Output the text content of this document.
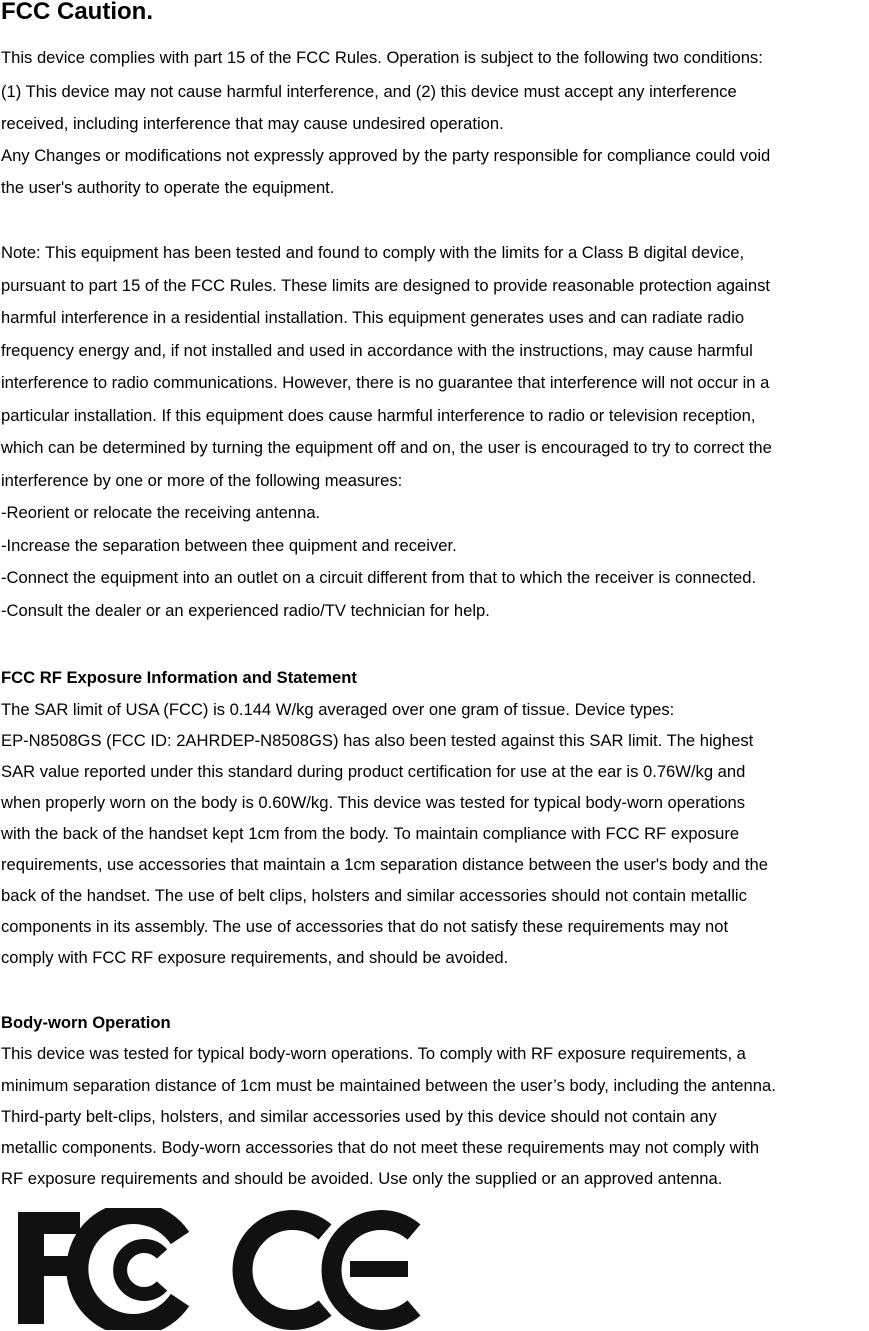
FCC Caution.

This device complies with part 15 of the FCC Rules. Operation is subject to the following two conditions:

(1) This device may not cause harmful interference, and (2) this device must accept any interference

received, including interference that may cause undesired operation.

Any Changes or modifications not expressly approved by the party responsible for compliance could void

the user's authority to operate the equipment.

Note: This equipment has been tested and found to comply with the limits for a Class B digital device,

pursuant to part 15 of the FCC Rules. These limits are designed to provide reasonable protection against

harmful interference in a residential installation. This equipment generates uses and can radiate radio

frequency energy and, if not installed and used in accordance with the instructions, may cause harmful

interference to radio communications. However, there is no guarantee that interference will not occur in a

particular installation. If this equipment does cause harmful interference to radio or television reception,

which can be determined by turning the equipment off and on, the user is encouraged to try to correct the

interference by one or more of the following measures:

-Reorient or relocate the receiving antenna.

-Increase the separation between thee quipment and receiver.

-Connect the equipment into an outlet on a circuit different from that to which the receiver is connected.

-Consult the dealer or an experienced radio/TV technician for help.

FCC RF Exposure Information and Statement

The SAR limit of USA (FCC) is 0.144 W/kg averaged over one gram of tissue. Device types:

EP-N8508GS (FCC ID: 2AHRDEP-N8508GS) has also been tested against this SAR limit. The highest

SAR value reported under this standard during product certification for use at the ear is 0.76W/kg and

when properly worn on the body is 0.60W/kg. This device was tested for typical body-worn operations

with the back of the handset kept 1cm from the body. To maintain compliance with FCC RF exposure

requirements, use accessories that maintain a 1cm separation distance between the user's body and the

back of the handset. The use of belt clips, holsters and similar accessories should not contain metallic

components in its assembly. The use of accessories that do not satisfy these requirements may not

comply with FCC RF exposure requirements, and should be avoided.

Body-worn Operation

This device was tested for typical body-worn operations. To comply with RF exposure requirements, a

minimum separation distance of 1cm must be maintained between the user’s body, including the antenna.

Third-party belt-clips, holsters, and similar accessories used by this device should not contain any

metallic components. Body-worn accessories that do not meet these requirements may not comply with

RF exposure requirements and should be avoided. Use only the supplied or an approved antenna.
